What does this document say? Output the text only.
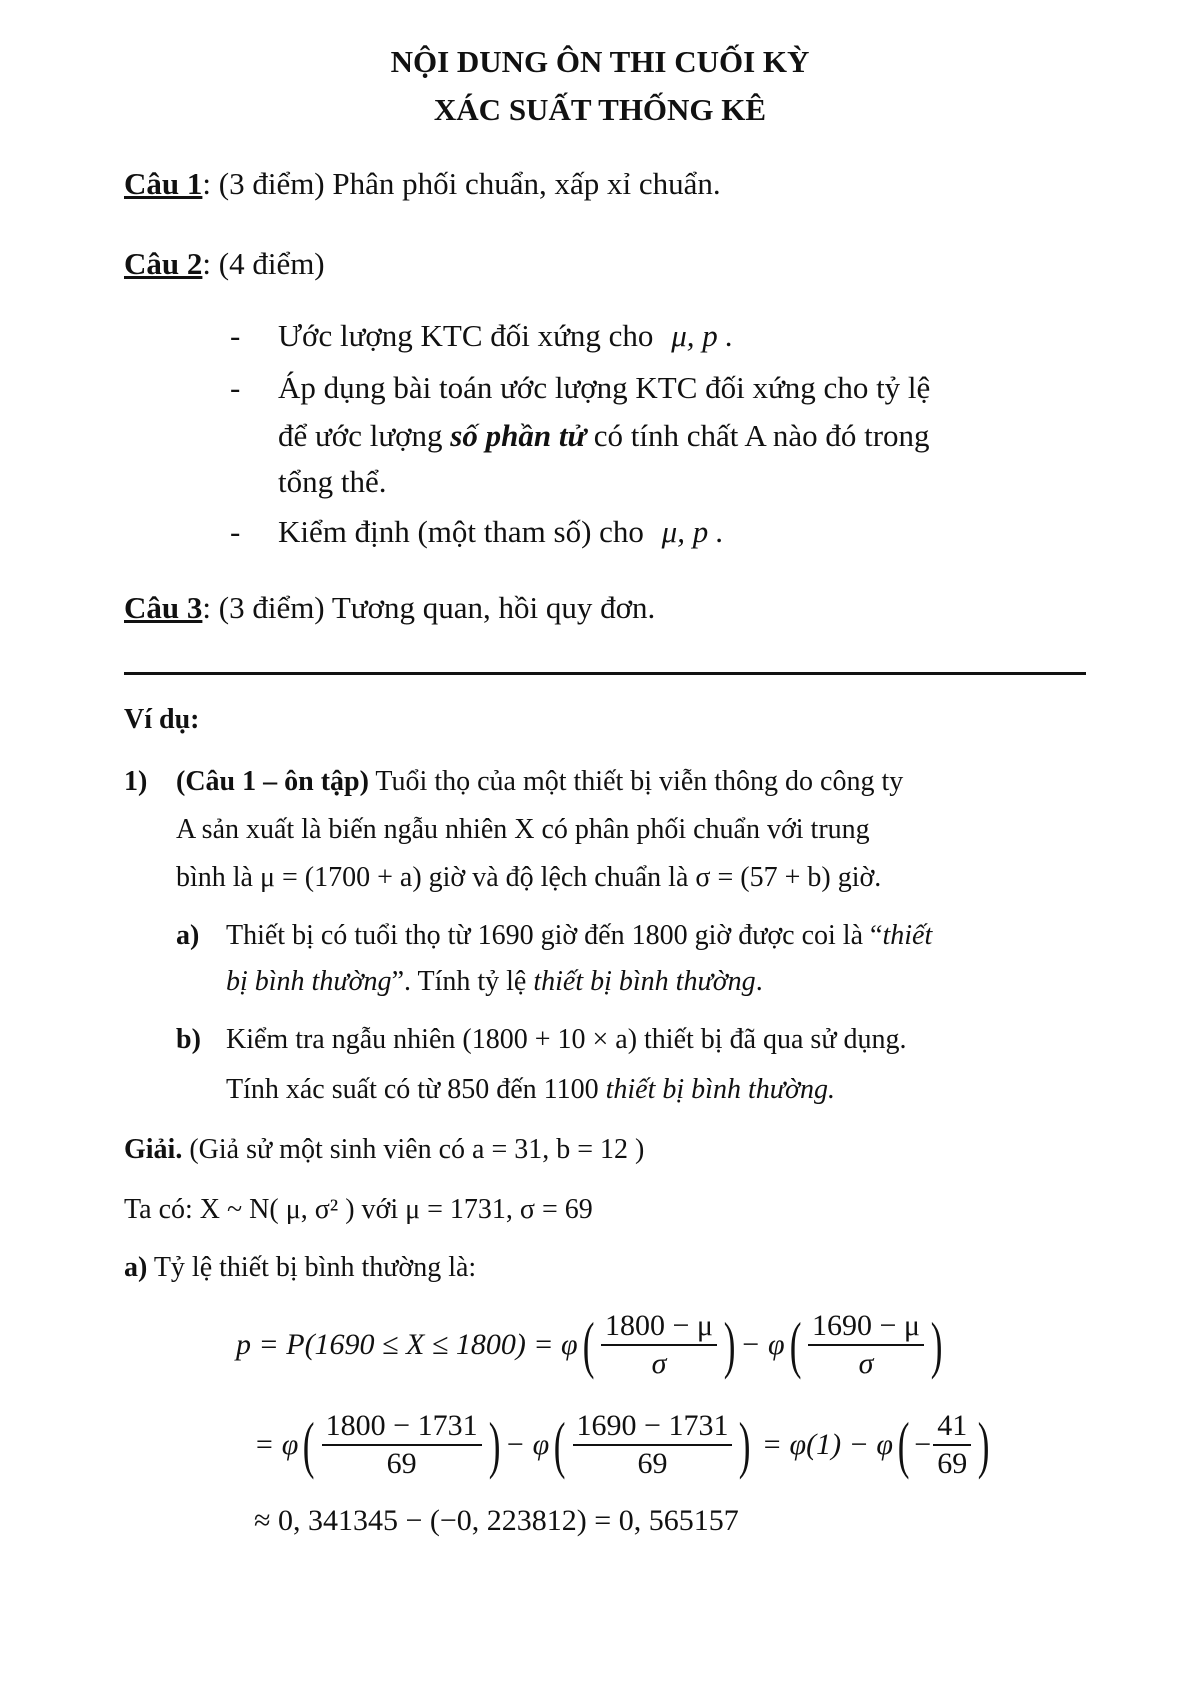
NỘI DUNG ÔN THI CUỐI KỲ
XÁC SUẤT THỐNG KÊ
Câu 1: (3 điểm) Phân phối chuẩn, xấp xỉ chuẩn.
Câu 2: (4 điểm)
- Ước lượng KTC đối xứng cho μ, p .
- Áp dụng bài toán ước lượng KTC đối xứng cho tỷ lệ
để ước lượng số phần tử có tính chất A nào đó trong
tổng thể.
- Kiểm định (một tham số) cho μ, p .
Câu 3: (3 điểm) Tương quan, hồi quy đơn.
Ví dụ:
1) (Câu 1 – ôn tập) Tuổi thọ của một thiết bị viễn thông do công ty
A sản xuất là biến ngẫu nhiên X có phân phối chuẩn với trung
bình là μ = (1700 + a) giờ và độ lệch chuẩn là σ = (57 + b) giờ.
a) Thiết bị có tuổi thọ từ 1690 giờ đến 1800 giờ được coi là “thiết
bị bình thường”. Tính tỷ lệ thiết bị bình thường.
b) Kiểm tra ngẫu nhiên (1800 + 10 × a) thiết bị đã qua sử dụng.
Tính xác suất có từ 850 đến 1100 thiết bị bình thường.
Giải. (Giả sử một sinh viên có a = 31, b = 12 )
Ta có: X ~ N( μ, σ² ) với μ = 1731, σ = 69
a) Tỷ lệ thiết bị bình thường là:
p = P(1690 ≤ X ≤ 1800) = φ ( $\frac{1800 - \mu}{\sigma}$ ) − φ ( $\frac{1690 - \mu}{\sigma}$ )
= φ ( $\frac{1800 - 1731}{69}$ ) − φ ( $\frac{1690 - 1731}{69}$ ) = φ(1) − φ ( − $\frac{41}{69}$ )
≈ 0, 341345 − (−0, 223812) = 0, 565157
